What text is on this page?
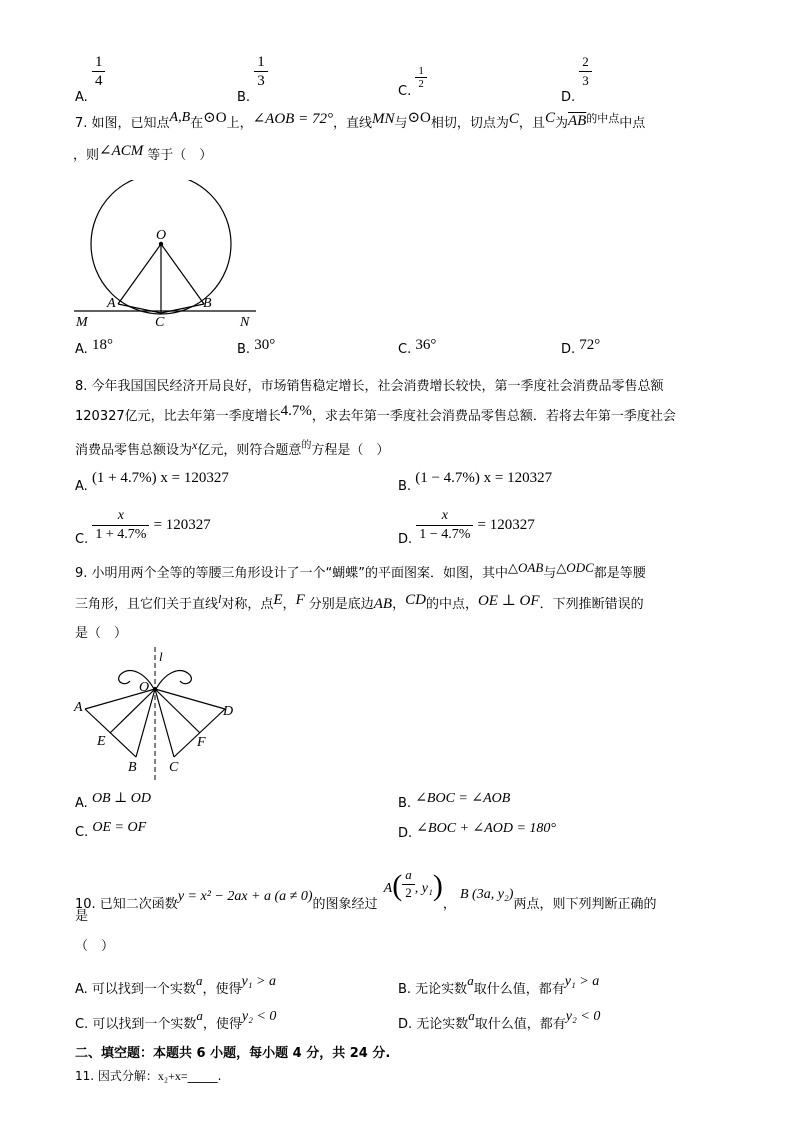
A.
$\frac{1}{4}$
B.
$\frac{1}{3}$
C.
$\frac{1}{2}$
D.
$\frac{2}{3}$
7. 如图，已知点A,B在⊙O上，∠AOB = 72°，直线MN与⊙O相切，切点为C，且C为$\overline{AB}^{的中点}$中点
，则∠ACM 等于（　）
O
A	B
C
M	N
A. 18°	B. 30°	C. 36°	D. 72°
8. 今年我国国民经济开局良好，市场销售稳定增长，社会消费增长较快，第一季度社会消费品零售总额
120327亿元，比去年第一季度增长4.7%，求去年第一季度社会消费品零售总额．若将去年第一季度社会
消费品零售总额设为x亿元，则符合题意$^的$方程是（　）
A. (1 + 4.7%) x = 120327
B. (1 − 4.7%) x = 120327
C. $\frac{x}{1 + 4.7\%} = 120327$
D. $\frac{x}{1 - 4.7\%} = 120327$
9. 小明用两个全等的等腰三角形设计了一个“蝴蝶”的平面图案．如图，其中△OAB与△ODC都是等腰
三角形，且它们关于直线l对称，点E，F 分别是底边AB，CD的中点，OE ⊥ OF．下列推断错误的
是（　）
l
O
A
E
B C
F
D
A. OB ⊥ OD	B. ∠BOC = ∠AOB
C. OE = OF	D. ∠BOC + ∠AOD = 180°
10. 已知二次函数y = x² − 2ax + a (a ≠ 0)的图象经过 $A( \frac{a}{2}$ , y₁)， B (3a, y₂)两点，则下列判断正确的
是
（　）
A. 可以找到一个实数a，使得y₁ > a
B. 无论实数a取什么值，都有y₁ > a
C. 可以找到一个实数a，使得y₂ < 0
D. 无论实数a取什么值，都有y₂ < 0
二、填空题：本题共 6 小题，每小题 4 分，共 24 分.
11. 因式分解：x₂+x=_____.
